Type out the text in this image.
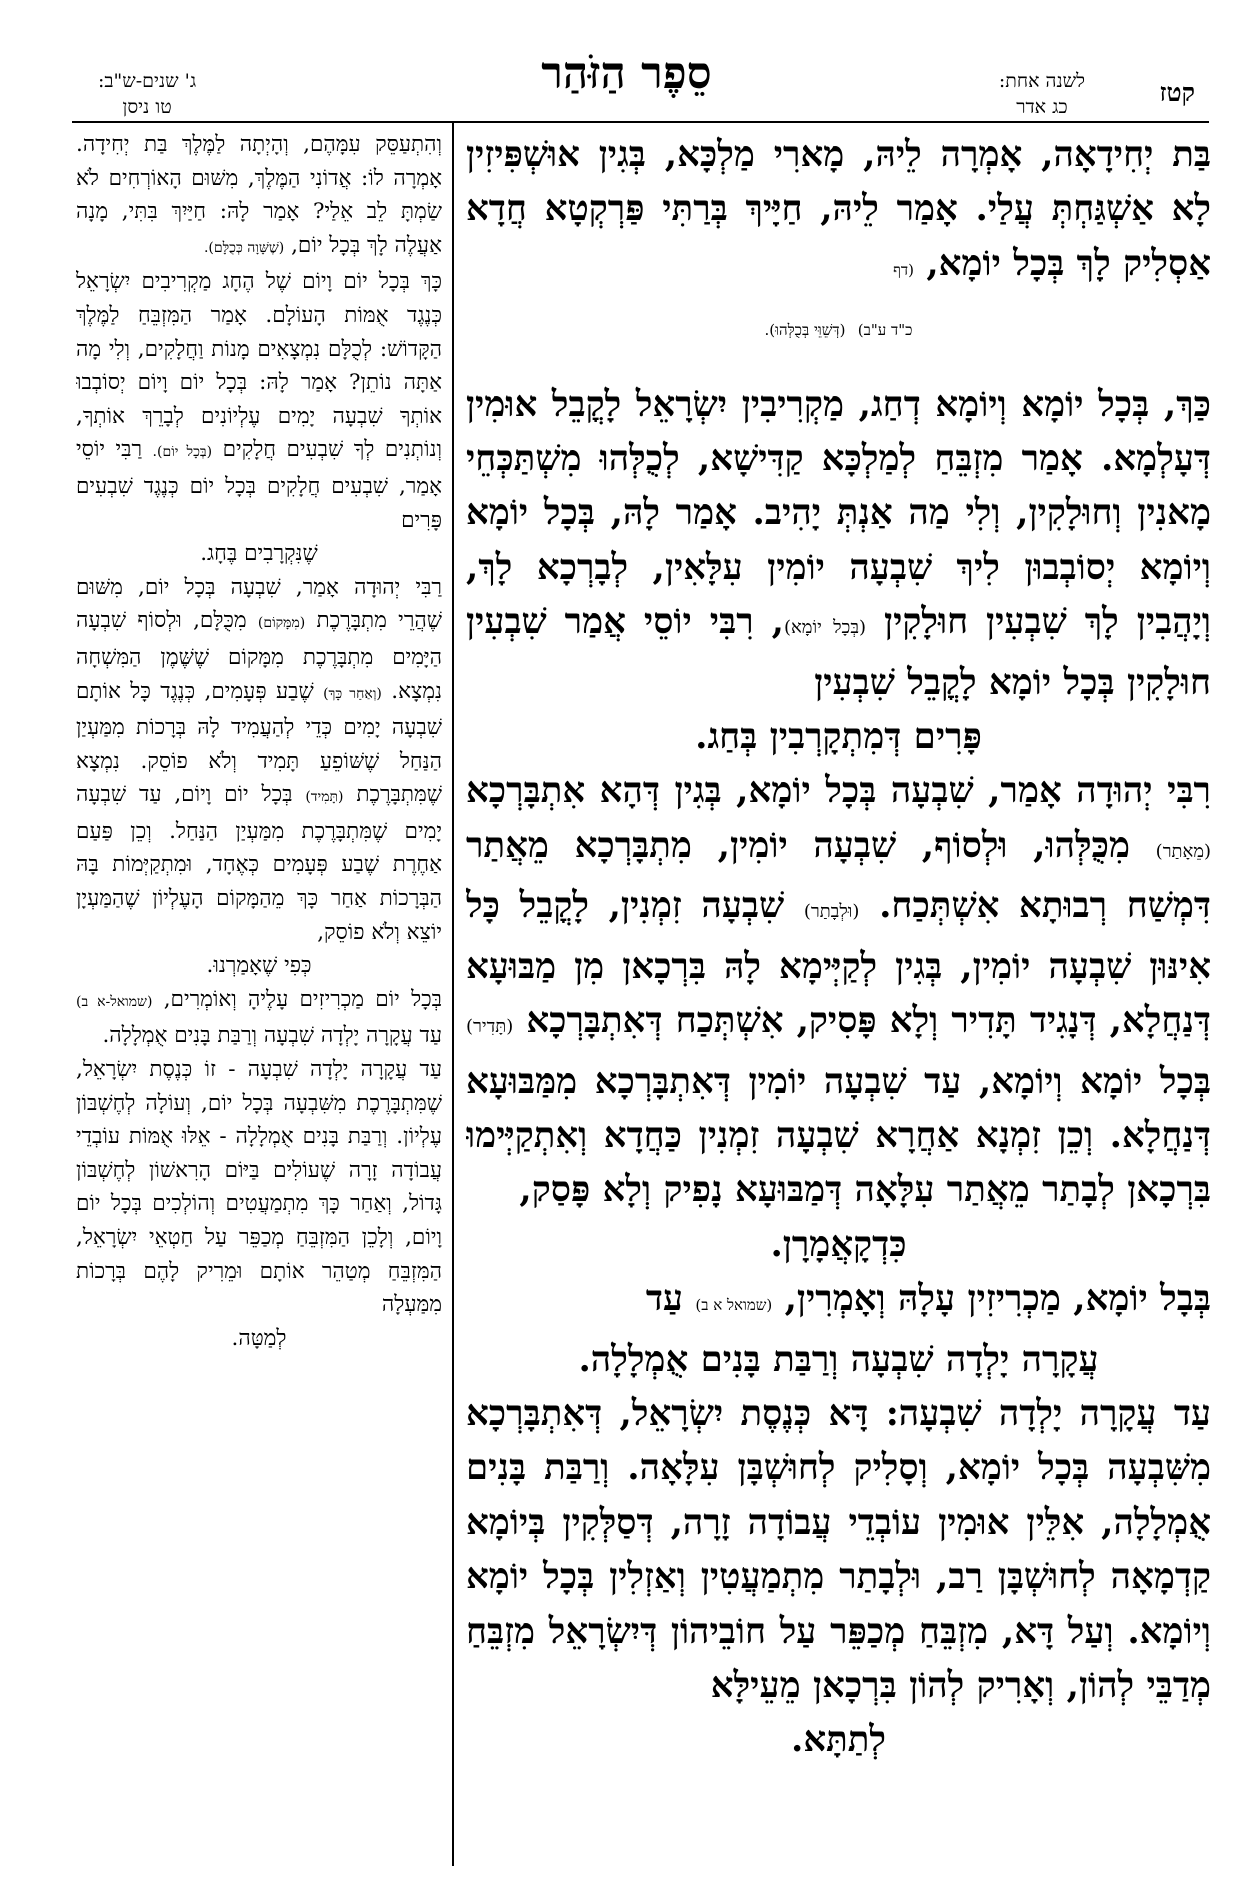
קטז
לשנה אחת:
כג אדר
סֵפֶר הַזֹּהַר
ג' שנים-ש"ב:
טו ניסן

בַּת יְחִידָאָה, אָמְרָה לֵיהּ, מָארִי מַלְכָּא, בְּגִין אוּשְׁפִּיזִין לָא אַשְׁגַּחְתְּ עֲלַי. אָמַר לֵיהּ, חַיָּיךְ בְּרַתִּי פַּרְקְטָא חֲדָא אַסְלִיק לָךְ בְּכָל יוֹמָא, (דף

כ"ד ע"ב) (דְּשֵׁוֵּי בְּכֻלְּהוּ).

כַּךְ, בְּכָל יוֹמָא וְיוֹמָא דְחַג, מַקְרִיבִין יִשְׂרָאֵל לָקֳבֵל אוּמִין דְּעָלְמָא. אָמַר מִזְבֵּחַ לְמַלְכָּא קַדִּישָׁא, לְכֻלְּהוּ מִשְׁתַּכְּחֵי מָאנִין וְחוּלָקִין, וְלִי מַה אַנְתְּ יָהִיב. אָמַר לָהּ, בְּכָל יוֹמָא וְיוֹמָא יְסוֹבְבוּן לִיךְ שִׁבְעָה יוֹמִין עִלָּאִין, לְבָרְכָא לָךְ, וְיָהֲבִין לָךְ שִׁבְעִין חוּלָקִין (בְּכָל יוֹמָא), רִבִּי יוֹסֵי אֲמַר שִׁבְעִין חוּלָקִין בְּכָל יוֹמָא לָקֳבֵל שִׁבְעִין

פָּרִים דְּמִתְקָרְבִין בְּחַג.

רִבִּי יְהוּדָה אָמַר, שִׁבְעָה בְּכָל יוֹמָא, בְּגִין דְּהָא אִתְבָּרְכָא (מֵאָתַר) מִכֻּלְּהוּ, וּלְסוֹף, שִׁבְעָה יוֹמִין, מִתְבָּרְכָא מֵאֲתַר דִּמְשַׁח רְבוּתָא אִשְׁתְּכַח. (וּלְבָתַר) שִׁבְעָה זִמְנִין, לָקֳבֵל כָּל אִינּוּן שִׁבְעָה יוֹמִין, בְּגִין לְקַיְּימָא לָהּ בִּרְכָאן מִן מַבּוּעָא דְּנַחֲלָא, דְּנָגִיד תָּדִיר וְלָא פָּסִיק, אִשְׁתְּכַח דְּאִתְבָּרְכָא (תָּדִיר) בְּכָל יוֹמָא וְיוֹמָא, עַד שִׁבְעָה יוֹמִין דְּאִתְבָּרְכָא מִמַּבּוּעָא דְּנַחֲלָא. וְכֵן זִמְנָא אַחֲרָא שִׁבְעָה זִמְנִין כַּחֲדָא וְאִתְקַיְּימוּ בִּרְכָאן לְבָתַר מֵאֲתַר עִלָּאָה דְּמַבּוּעָא נָפִיק וְלָא פָּסַק,

כִּדְקָאֲמָרָן.

בְּבָל יוֹמָא, מַכְרִיזִין עָלָהּ וְאָמְרִין, (שמואל א ב) עַד

עֲקָרָה יָלְדָה שִׁבְעָה וְרַבַּת בָּנִים אֻמְלָלָה.

עַד עֲקָרָה יָלְדָה שִׁבְעָה: דָּא כְּנֶסֶת יִשְׂרָאֵל, דְּאִתְבָּרְכָא מִשִּׁבְעָה בְּכָל יוֹמָא, וְסָלִיק לְחוּשְׁבָּן עִלָּאָה. וְרַבַּת בָּנִים אֻמְלָלָה, אִלֵּין אוּמִין עוֹבְדֵי עֲבוֹדָה זָרָה, דְּסַלְּקִין בְּיוֹמָא קַדְמָאָה לְחוּשְׁבָּן רַב, וּלְבָתַר מִתְמַעֲטִין וְאַזְלִין בְּכָל יוֹמָא וְיוֹמָא. וְעַל דָּא, מִזְבֵּחַ מְכַפֵּר עַל חוֹבֵיהוֹן דְּיִשְׂרָאֵל מִזְבֵּחַ מְדַבֵּי לְהוֹן, וְאָרִיק לְהוֹן בִּרְכָאן מֵעֵילָּא

לְתַתָּא.

וְהִתְעַסֵּק עִמָּהֶם, וְהָיְתָה לַמֶּלֶךְ בַּת יְחִידָה. אָמְרָה לוֹ: אֲדוֹנִי הַמֶּלֶךְ, מִשּׁוּם הָאוֹרְחִים לֹא שַׂמְתָּ לֵב אֵלַי? אָמַר לָהּ: חַיַּיִךְ בִּתִּי, מָנָה אַעֲלֶה לָךְ בְּכָל יוֹם, (שֶׁשָּׁוָה כְּכֻלָּם).

כָּךְ בְּכָל יוֹם וָיוֹם שֶׁל הֶחָג מַקְרִיבִים יִשְׂרָאֵל כְּנֶגֶד אֻמּוֹת הָעוֹלָם. אָמַר הַמִּזְבֵּחַ לַמֶּלֶךְ הַקָּדוֹשׁ: לְכֻלָּם נִמְצָאִים מָנוֹת וַחֲלָקִים, וְלִי מָה אַתָּה נוֹתֵן? אָמַר לָהּ: בְּכָל יוֹם וָיוֹם יְסוֹבְבוּ אוֹתְךָ שִׁבְעָה יָמִים עֶלְיוֹנִים לְבָרֵךְ אוֹתְךָ, וְנוֹתְנִים לְךָ שִׁבְעִים חֲלָקִים (בְּכָל יוֹם). רַבִּי יוֹסֵי אָמַר, שִׁבְעִים חֲלָקִים בְּכָל יוֹם כְּנֶגֶד שִׁבְעִים פָּרִים

שֶׁנִּקְרָבִים בֶּחָג.

רַבִּי יְהוּדָה אָמַר, שִׁבְעָה בְּכָל יוֹם, מִשּׁוּם שֶׁהֲרֵי מִתְבָּרֶכֶת (מִמָּקוֹם) מִכֻּלָּם, וּלְסוֹף שִׁבְעָה הַיָּמִים מִתְבָּרֶכֶת מִמָּקוֹם שֶׁשֶּׁמֶן הַמִּשְׁחָה נִמְצָא. (וְאַחַר כָּךְ) שֶׁבַע פְּעָמִים, כְּנֶגֶד כָּל אוֹתָם שִׁבְעָה יָמִים כְּדֵי לְהַעֲמִיד לָהּ בְּרָכוֹת מִמַּעְיַן הַנַּחַל שֶׁשּׁוֹפֵעַ תָּמִיד וְלֹא פוֹסֵק. נִמְצָא שֶׁמִּתְבָּרֶכֶת (תָּמִיד) בְּכָל יוֹם וָיוֹם, עַד שִׁבְעָה יָמִים שֶׁמִּתְבָּרֶכֶת מִמַּעְיַן הַנַּחַל. וְכֵן פַּעַם אַחֶרֶת שֶׁבַע פְּעָמִים כְּאֶחָד, וּמִתְקַיְּמוֹת בָּהּ הַבְּרָכוֹת אַחַר כָּךְ מֵהַמָּקוֹם הָעֶלְיוֹן שֶׁהַמַּעְיָן יוֹצֵא וְלֹא פוֹסֵק,

כְּפִי שֶׁאָמַרְנוּ.

בְּכָל יוֹם מַכְרִיזִים עָלֶיהָ וְאוֹמְרִים, (שמואל-א ב) עַד עֲקָרָה יָלְדָה שִׁבְעָה וְרַבַּת בָּנִים אֻמְלָלָה.

עַד עֲקָרָה יָלְדָה שִׁבְעָה - זוֹ כְּנֶסֶת יִשְׂרָאֵל, שֶׁמִּתְבָּרֶכֶת מִשִּׁבְעָה בְּכָל יוֹם, וְעוֹלָה לְחֶשְׁבּוֹן עֶלְיוֹן. וְרַבַּת בָּנִים אֻמְלָלָה - אֵלּוּ אֻמּוֹת עוֹבְדֵי עֲבוֹדָה זָרָה שֶׁעוֹלִים בַּיּוֹם הָרִאשׁוֹן לְחֶשְׁבּוֹן גָּדוֹל, וְאַחַר כָּךְ מִתְמַעֲטִים וְהוֹלְכִים בְּכָל יוֹם וָיוֹם, וְלָכֵן הַמִּזְבֵּחַ מְכַפֵּר עַל חַטְאֵי יִשְׂרָאֵל, הַמִּזְבֵּחַ מְטַהֵר אוֹתָם וּמֵרִיק לָהֶם בְּרָכוֹת מִמַּעְלָה

לְמַטָּה.
